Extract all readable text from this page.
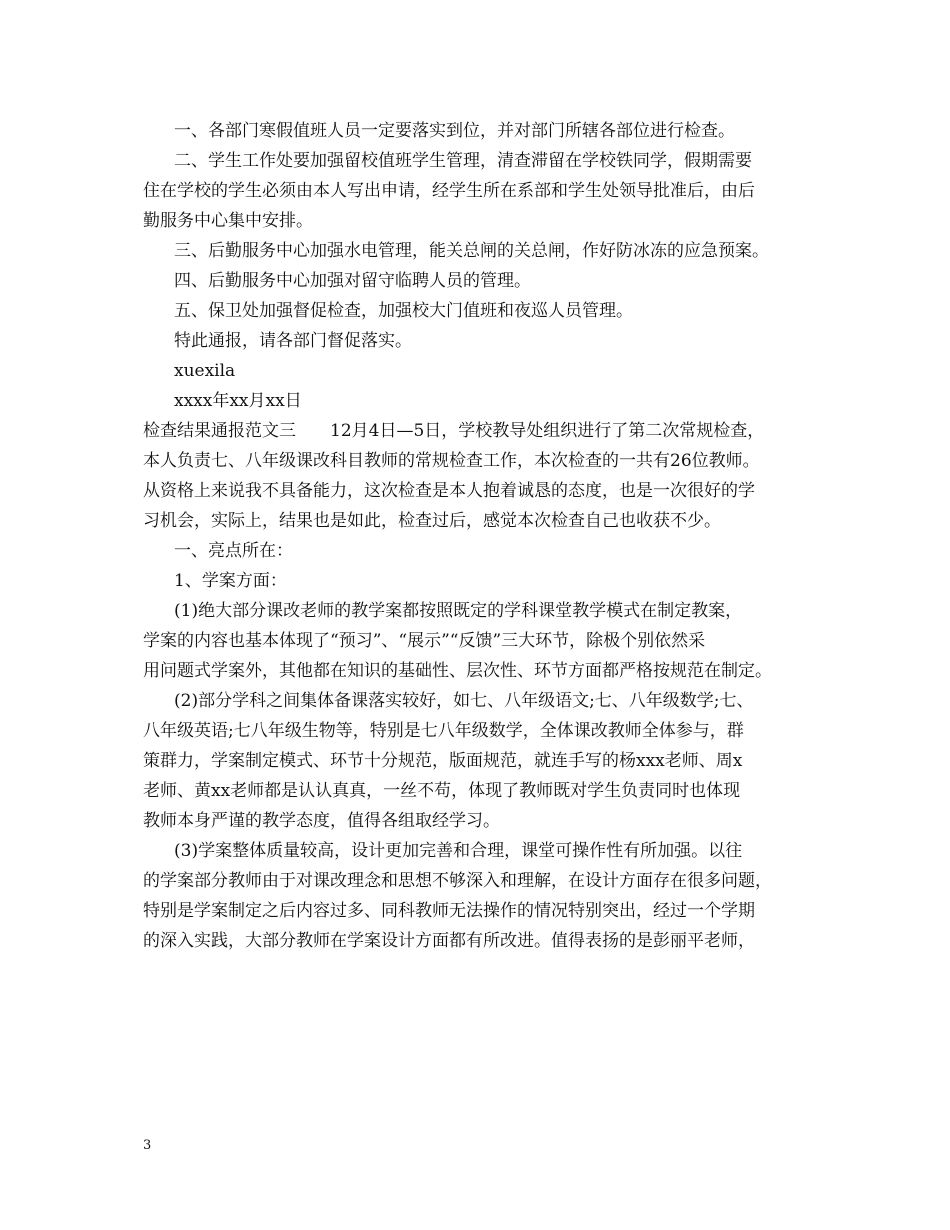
一、各部门寒假值班人员一定要落实到位，并对部门所辖各部位进行检查。

二、学生工作处要加强留校值班学生管理，清查滞留在学校铁同学，假期需要

住在学校的学生必须由本人写出申请，经学生所在系部和学生处领导批准后，由后

勤服务中心集中安排。

三、后勤服务中心加强水电管理，能关总闸的关总闸，作好防冰冻的应急预案。

四、后勤服务中心加强对留守临聘人员的管理。

五、保卫处加强督促检查，加强校大门值班和夜巡人员管理。

特此通报，请各部门督促落实。

xuexila

xxxx年xx月xx日

检查结果通报范文三 12月4日—5日，学校教导处组织进行了第二次常规检查，

本人负责七、八年级课改科目教师的常规检查工作，本次检查的一共有26位教师。

从资格上来说我不具备能力，这次检查是本人抱着诚恳的态度，也是一次很好的学

习机会，实际上，结果也是如此，检查过后，感觉本次检查自己也收获不少。

一、亮点所在：

1、学案方面：

(1)绝大部分课改老师的教学案都按照既定的学科课堂教学模式在制定教案，

学案的内容也基本体现了“预习”、“展示”“反馈”三大环节，除极个别依然采

用问题式学案外，其他都在知识的基础性、层次性、环节方面都严格按规范在制定。

(2)部分学科之间集体备课落实较好，如七、八年级语文;七、八年级数学;七、

八年级英语;七八年级生物等，特别是七八年级数学，全体课改教师全体参与，群

策群力，学案制定模式、环节十分规范，版面规范，就连手写的杨xxx老师、周x

老师、黄xx老师都是认认真真，一丝不苟，体现了教师既对学生负责同时也体现

教师本身严谨的教学态度，值得各组取经学习。

(3)学案整体质量较高，设计更加完善和合理，课堂可操作性有所加强。以往

的学案部分教师由于对课改理念和思想不够深入和理解，在设计方面存在很多问题，

特别是学案制定之后内容过多、同科教师无法操作的情况特别突出，经过一个学期

的深入实践，大部分教师在学案设计方面都有所改进。值得表扬的是彭丽平老师，

3
